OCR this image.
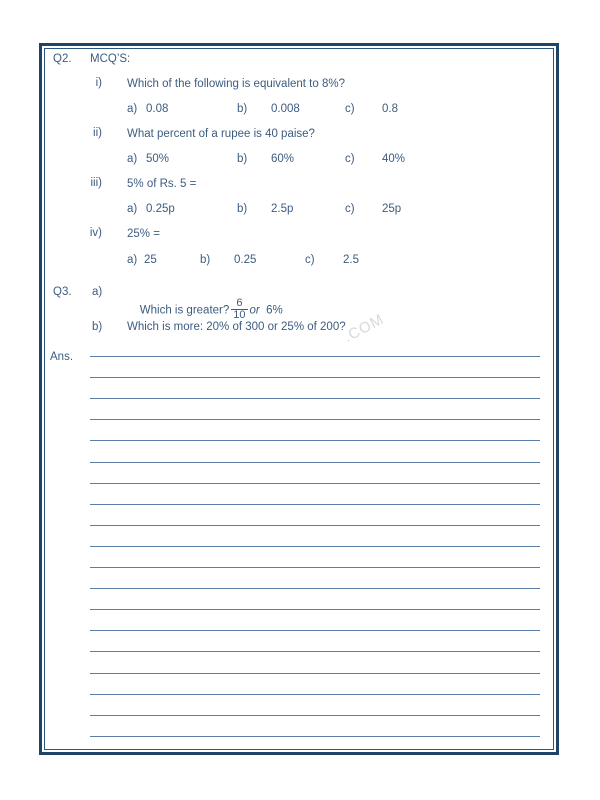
Q2. MCQ’S:
i) Which of the following is equivalent to 8%?
a) 0.08	b) 0.008	c) 0.8
ii) What percent of a rupee is 40 paise?
a) 50%	b) 60%	c) 40%
iii) 5% of Rs. 5 =
a) 0.25p	b) 2.5p	c) 25p
iv) 25% =
a) 25	b) 0.25	c) 2.5
Q3. a)

Which is greater? $\frac{6}{10}$ or 6%

b) Which is more: 20% of 300 or 25% of 200?
Ans.
.COM
